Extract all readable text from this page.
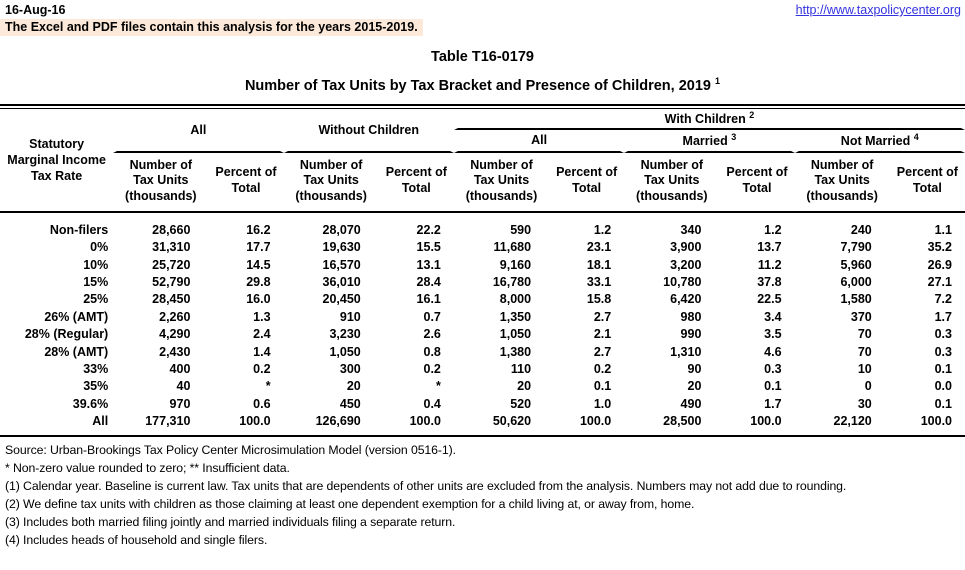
16-Aug-16	http://www.taxpolicycenter.org
The Excel and PDF files contain this analysis for the years 2015-2019.
Table T16-0179
Number of Tax Units by Tax Bracket and Presence of Children, 2019 $^1$
Statutory
Marginal Income
Tax Rate	All		Without Children		With Children $^2$
					All		Married $^3$		Not Married $^4$
	Number of Tax Units (thousands)	Percent of Total	Number of Tax Units (thousands)	Percent of Total	Number of Tax Units (thousands)	Percent of Total	Number of Tax Units (thousands)	Percent of Total	Number of Tax Units (thousands)	Percent of Total
Non-filers	28,660	16.2	28,070	22.2	590	1.2	340	1.2	240	1.1
0%	31,310	17.7	19,630	15.5	11,680	23.1	3,900	13.7	7,790	35.2
10%	25,720	14.5	16,570	13.1	9,160	18.1	3,200	11.2	5,960	26.9
15%	52,790	29.8	36,010	28.4	16,780	33.1	10,780	37.8	6,000	27.1
25%	28,450	16.0	20,450	16.1	8,000	15.8	6,420	22.5	1,580	7.2
26% (AMT)	2,260	1.3	910	0.7	1,350	2.7	980	3.4	370	1.7
28% (Regular)	4,290	2.4	3,230	2.6	1,050	2.1	990	3.5	70	0.3
28% (AMT)	2,430	1.4	1,050	0.8	1,380	2.7	1,310	4.6	70	0.3
33%	400	0.2	300	0.2	110	0.2	90	0.3	10	0.1
35%	40	*	20	*	20	0.1	20	0.1	0	0.0
39.6%	970	0.6	450	0.4	520	1.0	490	1.7	30	0.1
All	177,310	100.0	126,690	100.0	50,620	100.0	28,500	100.0	22,120	100.0
Source: Urban-Brookings Tax Policy Center Microsimulation Model (version 0516-1).
* Non-zero value rounded to zero; ** Insufficient data.
(1) Calendar year. Baseline is current law. Tax units that are dependents of other units are excluded from the analysis. Numbers may not add due to rounding.
(2) We define tax units with children as those claiming at least one dependent exemption for a child living at, or away from, home.
(3) Includes both married filing jointly and married individuals filing a separate return.
(4) Includes heads of household and single filers.
